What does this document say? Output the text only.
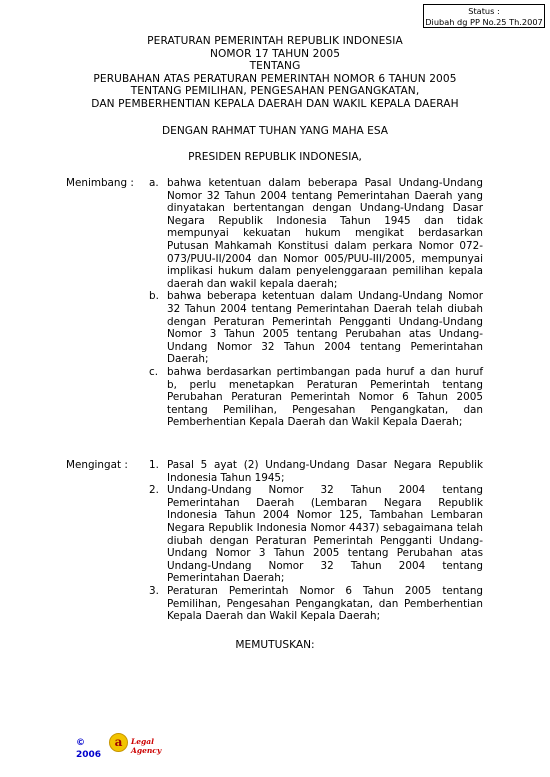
Status :
Diubah dg PP No.25 Th.2007
PERATURAN PEMERINTAH REPUBLIK INDONESIA
NOMOR 17 TAHUN 2005
TENTANG
PERUBAHAN ATAS PERATURAN PEMERINTAH NOMOR 6 TAHUN 2005
TENTANG PEMILIHAN, PENGESAHAN PENGANGKATAN,
DAN PEMBERHENTIAN KEPALA DAERAH DAN WAKIL KEPALA DAERAH
DENGAN RAHMAT TUHAN YANG MAHA ESA
PRESIDEN REPUBLIK INDONESIA,
Menimbang : a. bahwa ketentuan dalam beberapa Pasal Undang-Undang Nomor 32 Tahun 2004 tentang Pemerintahan Daerah yang dinyatakan bertentangan dengan Undang-Undang Dasar Negara Republik Indonesia Tahun 1945 dan tidak mempunyai kekuatan hukum mengikat berdasarkan Putusan Mahkamah Konstitusi dalam perkara Nomor 072-073/PUU-II/2004 dan Nomor 005/PUU-III/2005, mempunyai implikasi hukum dalam penyelenggaraan pemilihan kepala daerah dan wakil kepala daerah;
b. bahwa beberapa ketentuan dalam Undang-Undang Nomor 32 Tahun 2004 tentang Pemerintahan Daerah telah diubah dengan Peraturan Pemerintah Pengganti Undang-Undang Nomor 3 Tahun 2005 tentang Perubahan atas Undang-Undang Nomor 32 Tahun 2004 tentang Pemerintahan Daerah;
c. bahwa berdasarkan pertimbangan pada huruf a dan huruf b, perlu menetapkan Peraturan Pemerintah tentang Perubahan Peraturan Pemerintah Nomor 6 Tahun 2005 tentang Pemilihan, Pengesahan Pengangkatan, dan Pemberhentian Kepala Daerah dan Wakil Kepala Daerah;
Mengingat : 1. Pasal 5 ayat (2) Undang-Undang Dasar Negara Republik Indonesia Tahun 1945;
2. Undang-Undang Nomor 32 Tahun 2004 tentang Pemerintahan Daerah (Lembaran Negara Republik Indonesia Tahun 2004 Nomor 125, Tambahan Lembaran Negara Republik Indonesia Nomor 4437) sebagaimana telah diubah dengan Peraturan Pemerintah Pengganti Undang-Undang Nomor 3 Tahun 2005 tentang Perubahan atas Undang-Undang Nomor 32 Tahun 2004 tentang Pemerintahan Daerah;
3. Peraturan Pemerintah Nomor 6 Tahun 2005 tentang Pemilihan, Pengesahan Pengangkatan, dan Pemberhentian Kepala Daerah dan Wakil Kepala Daerah;
MEMUTUSKAN:
©
2006
a	Legal Agency
